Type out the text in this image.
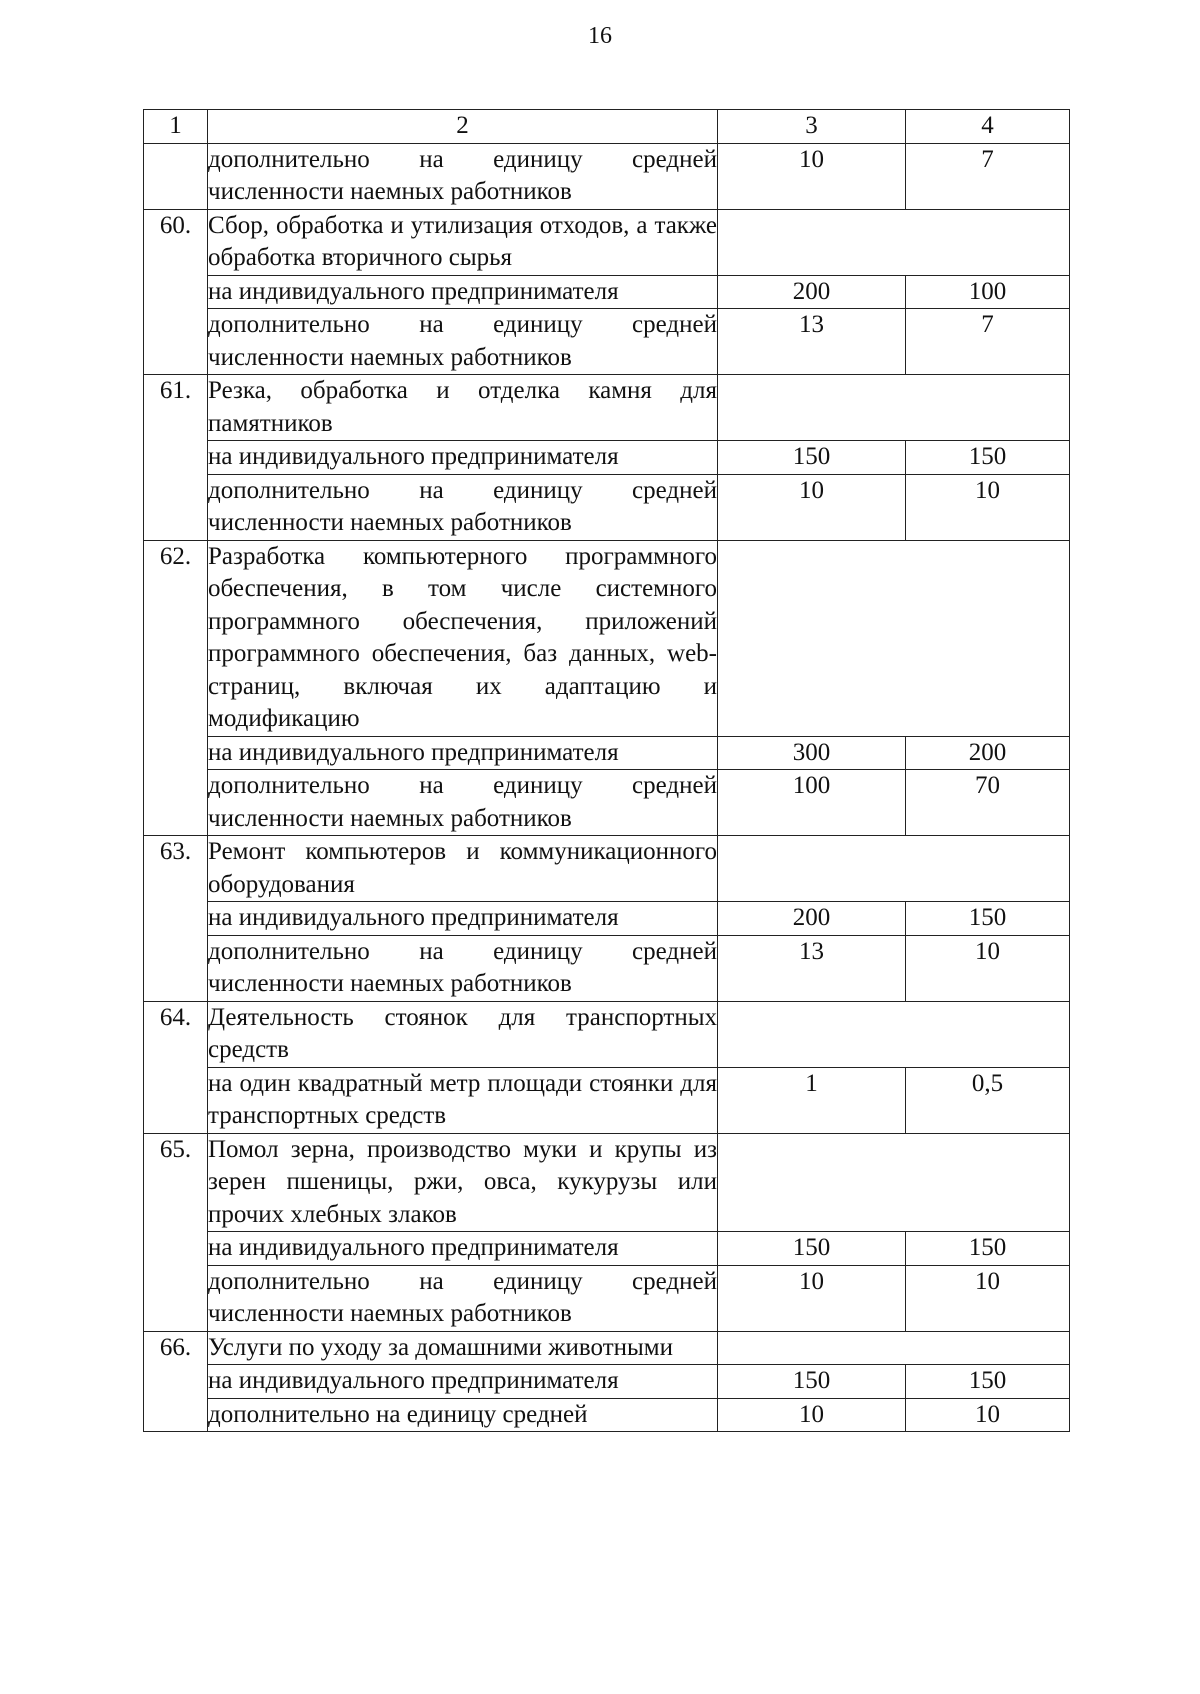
16
1	2	3	4
	дополнительно на единицу средней численности наемных работников	10	7
60.	Сбор, обработка и утилизация отходов, а также обработка вторичного сырья		
	на индивидуального предпринимателя	200	100
	дополнительно на единицу средней численности наемных работников	13	7
61.	Резка, обработка и отделка камня для памятников		
	на индивидуального предпринимателя	150	150
	дополнительно на единицу средней численности наемных работников	10	10
62.	Разработка компьютерного программного обеспечения, в том числе системного программного обеспечения, приложений программного обеспечения, баз данных, web-страниц, включая их адаптацию и модификацию		
	на индивидуального предпринимателя	300	200
	дополнительно на единицу средней численности наемных работников	100	70
63.	Ремонт компьютеров и коммуникационного оборудования		
	на индивидуального предпринимателя	200	150
	дополнительно на единицу средней численности наемных работников	13	10
64.	Деятельность стоянок для транспортных средств		
	на один квадратный метр площади стоянки для транспортных средств	1	0,5
65.	Помол зерна, производство муки и крупы из зерен пшеницы, ржи, овса, кукурузы или прочих хлебных злаков		
	на индивидуального предпринимателя	150	150
	дополнительно на единицу средней численности наемных работников	10	10
66.	Услуги по уходу за домашними животными		
	на индивидуального предпринимателя	150	150
	дополнительно на единицу средней	10	10
